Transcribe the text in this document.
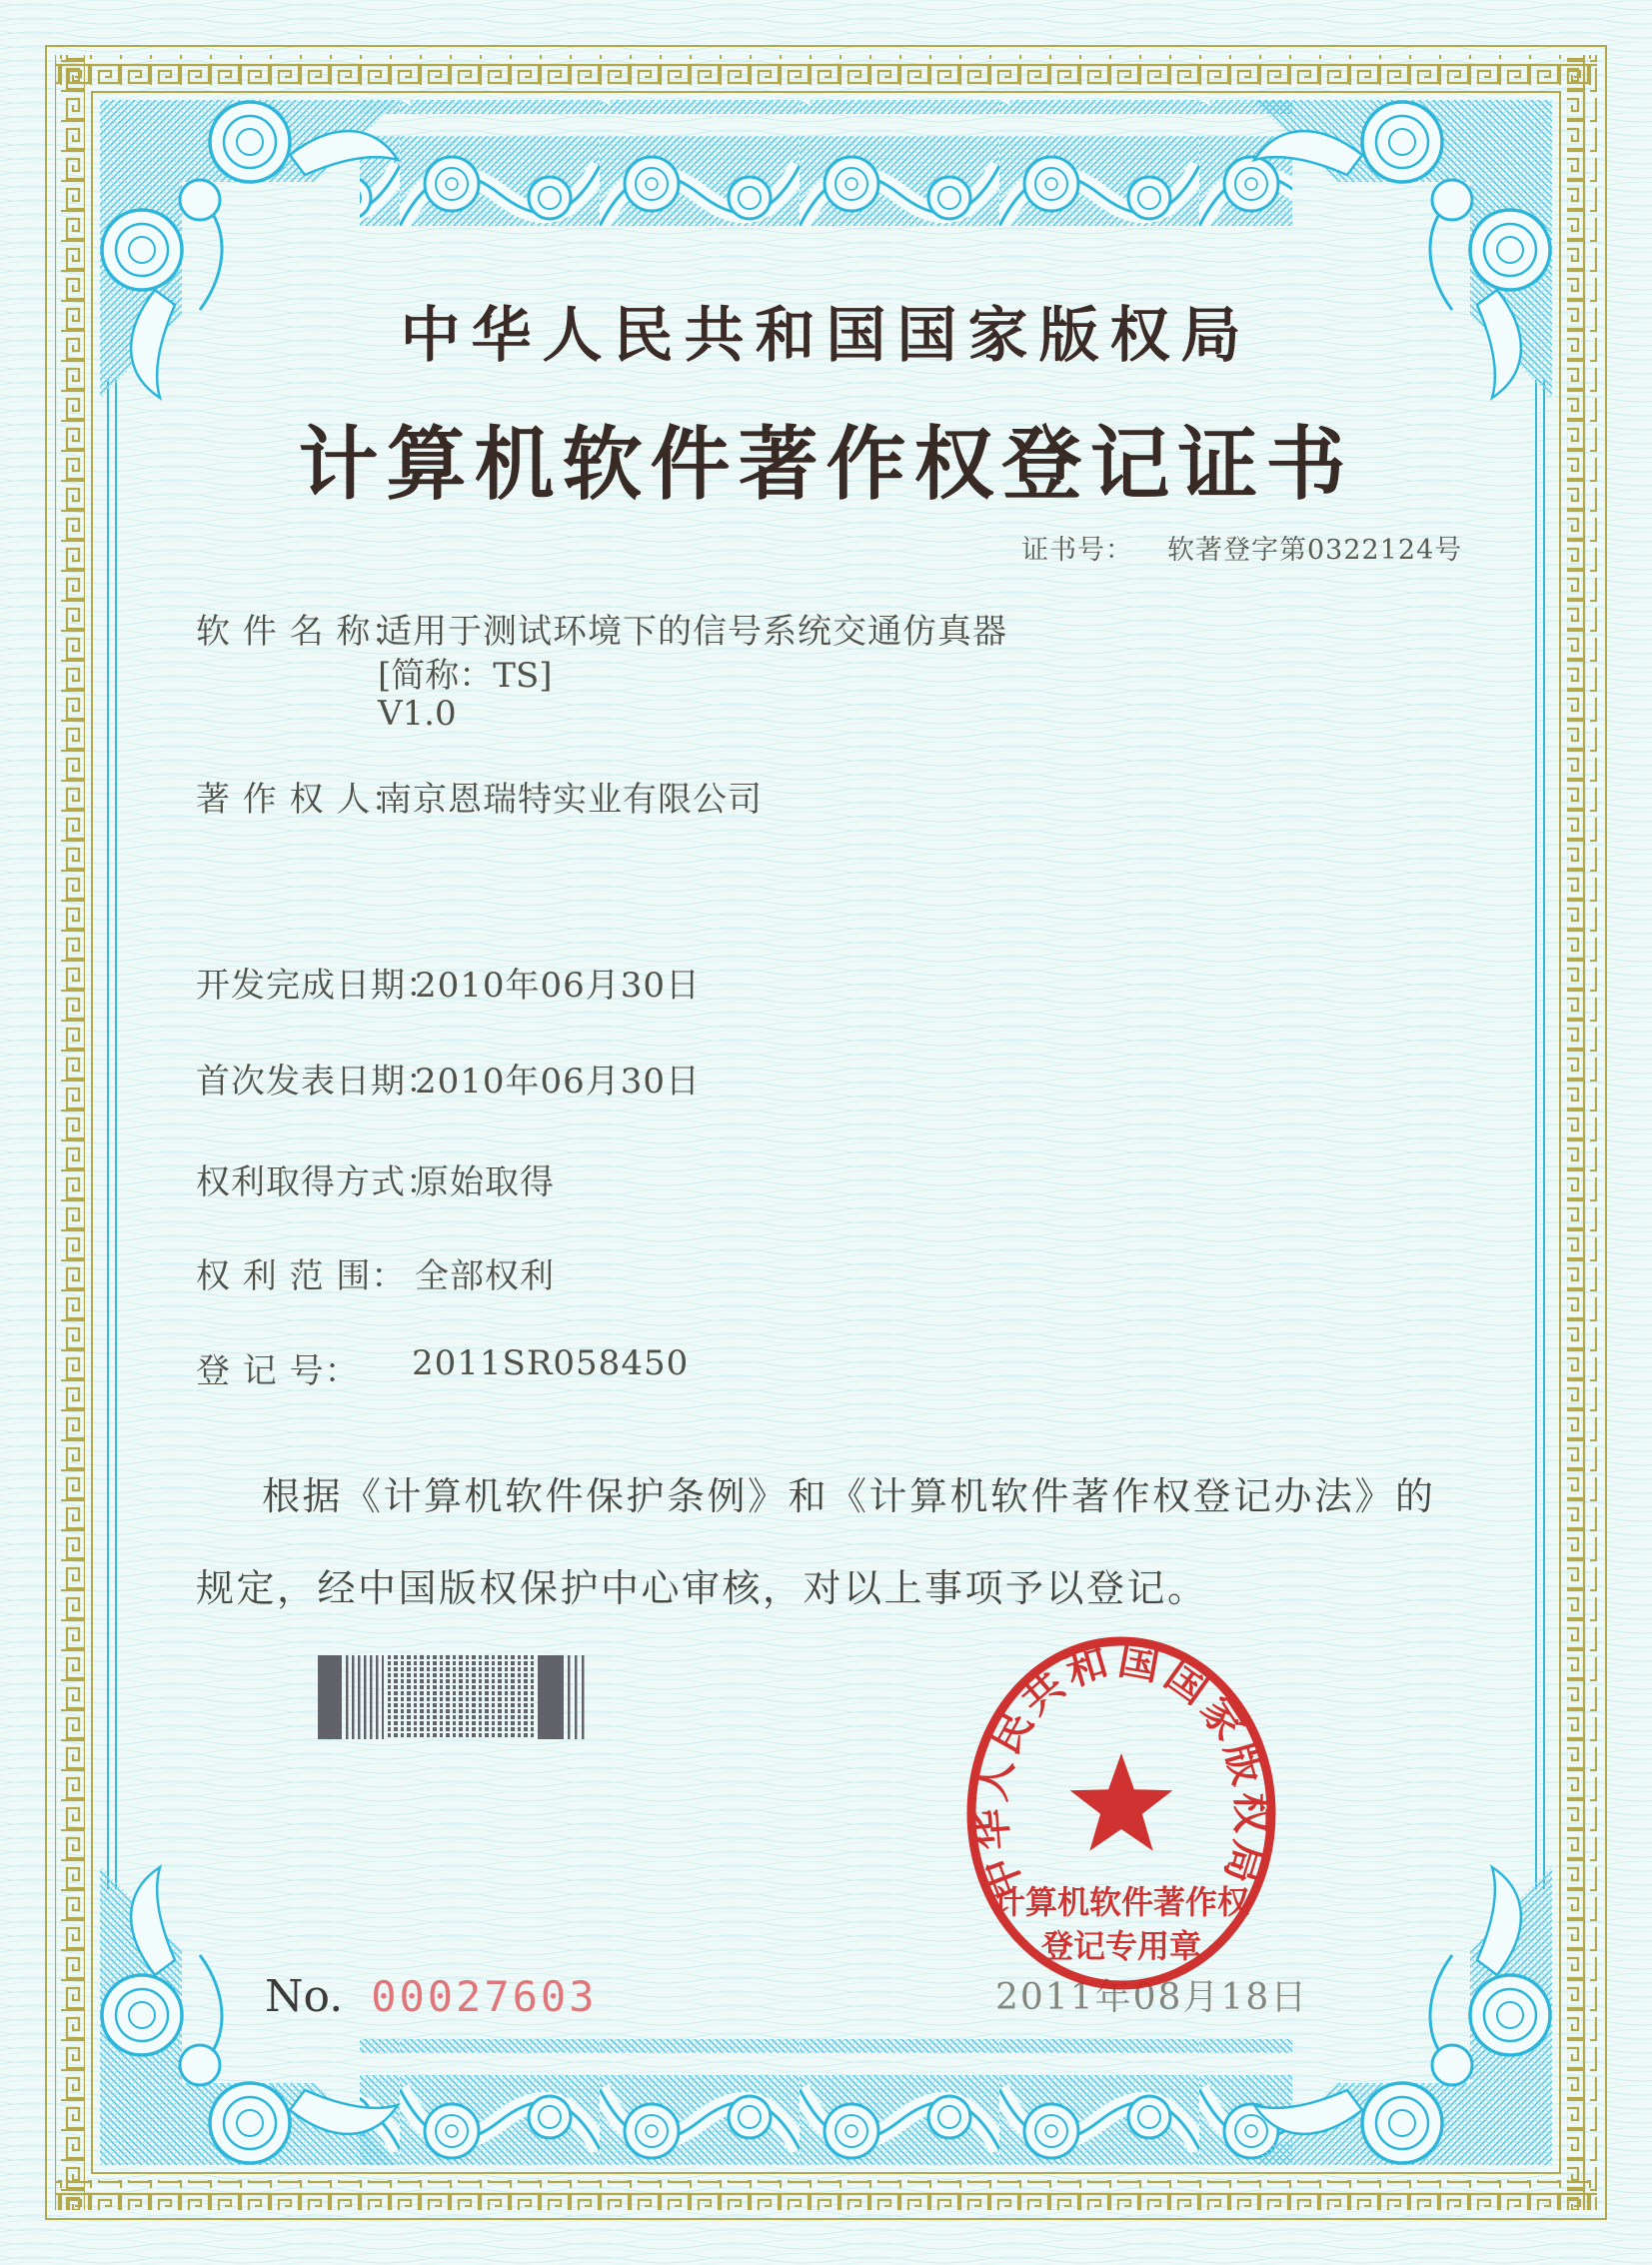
中华人民共和国国家版权局
计算机软件著作权登记证书
证书号： 软著登字第0322124号
软 件 名 称：
适用于测试环境下的信号系统交通仿真器
[简称：TS]
V1.0
著 作 权 人：
南京恩瑞特实业有限公司
开发完成日期：
2010年06月30日
首次发表日期：
2010年06月30日
权利取得方式：
原始取得
权 利 范 围： 全部权利
登 记 号： 2011SR058450
根据《计算机软件保护条例》和《计算机软件著作权登记办法》的
规定，经中国版权保护中心审核，对以上事项予以登记。
2011年08月18日
中华人民共和国国家版权局
计算机软件著作权
登记专用章
No. 00027603
